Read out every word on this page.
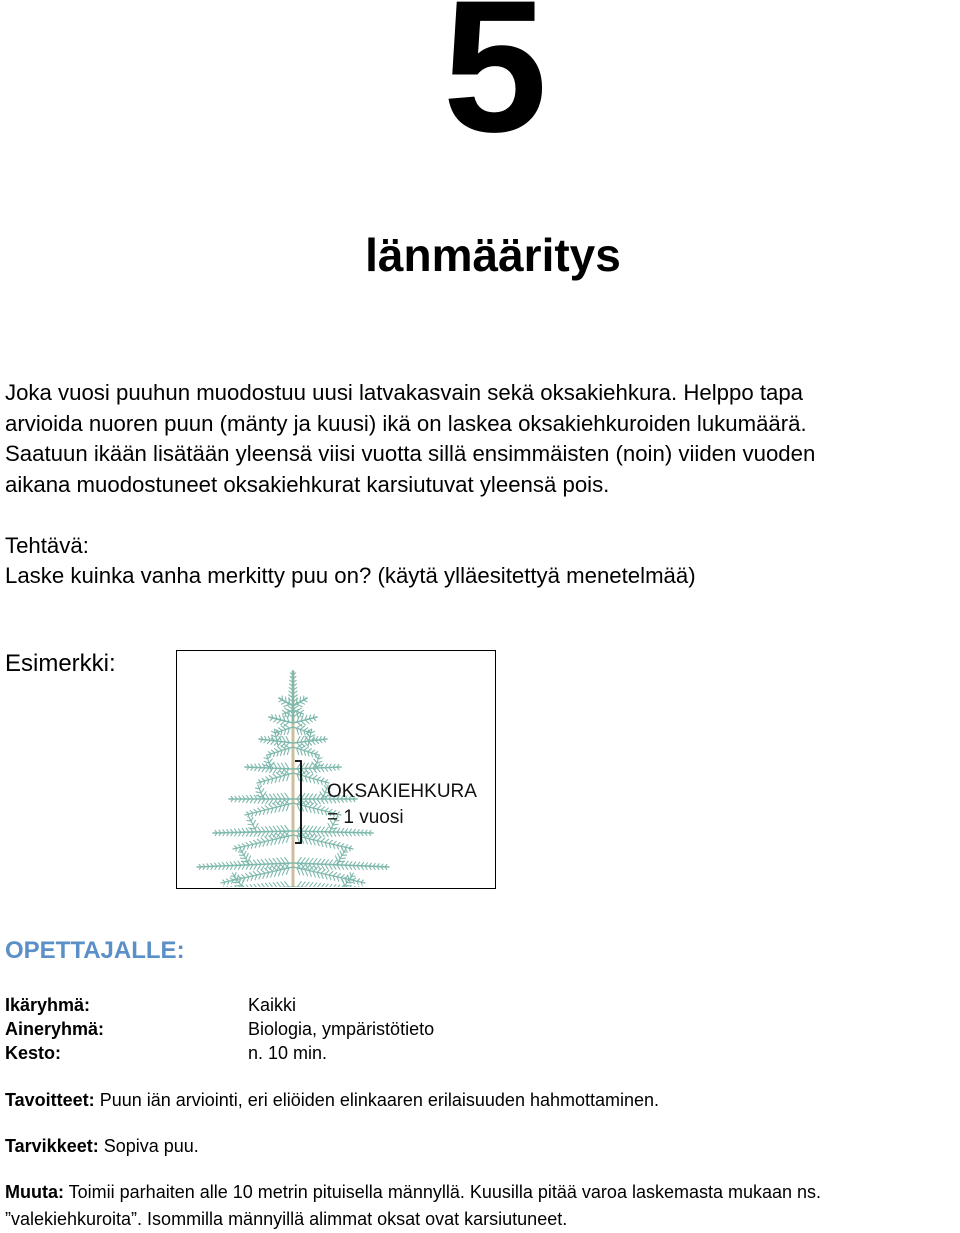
5
länmääritys

Joka vuosi puuhun muodostuu uusi latvakasvain sekä oksakiehkura. Helppo tapa

arvioida nuoren puun (mänty ja kuusi) ikä on laskea oksakiehkuroiden lukumäärä.

Saatuun ikään lisätään yleensä viisi vuotta sillä ensimmäisten (noin) viiden vuoden

aikana muodostuneet oksakiehkurat karsiutuvat yleensä pois.

Tehtävä:
Laske kuinka vanha merkitty puu on? (käytä ylläesitettyä menetelmää)
Esimerkki:
OKSAKIEHKURA
= 1 vuosi
OPETTAJALLE:
Ikäryhmä:	Kaikki
Aineryhmä:	Biologia, ympäristötieto
Kesto:	n. 10 min.

Tavoitteet: Puun iän arviointi, eri eliöiden elinkaaren erilaisuuden hahmottaminen.

Tarvikkeet: Sopiva puu.

Muuta: Toimii parhaiten alle 10 metrin pituisella männyllä. Kuusilla pitää varoa laskemasta mukaan ns.

”valekiehkuroita”. Isommilla männyillä alimmat oksat ovat karsiutuneet.
